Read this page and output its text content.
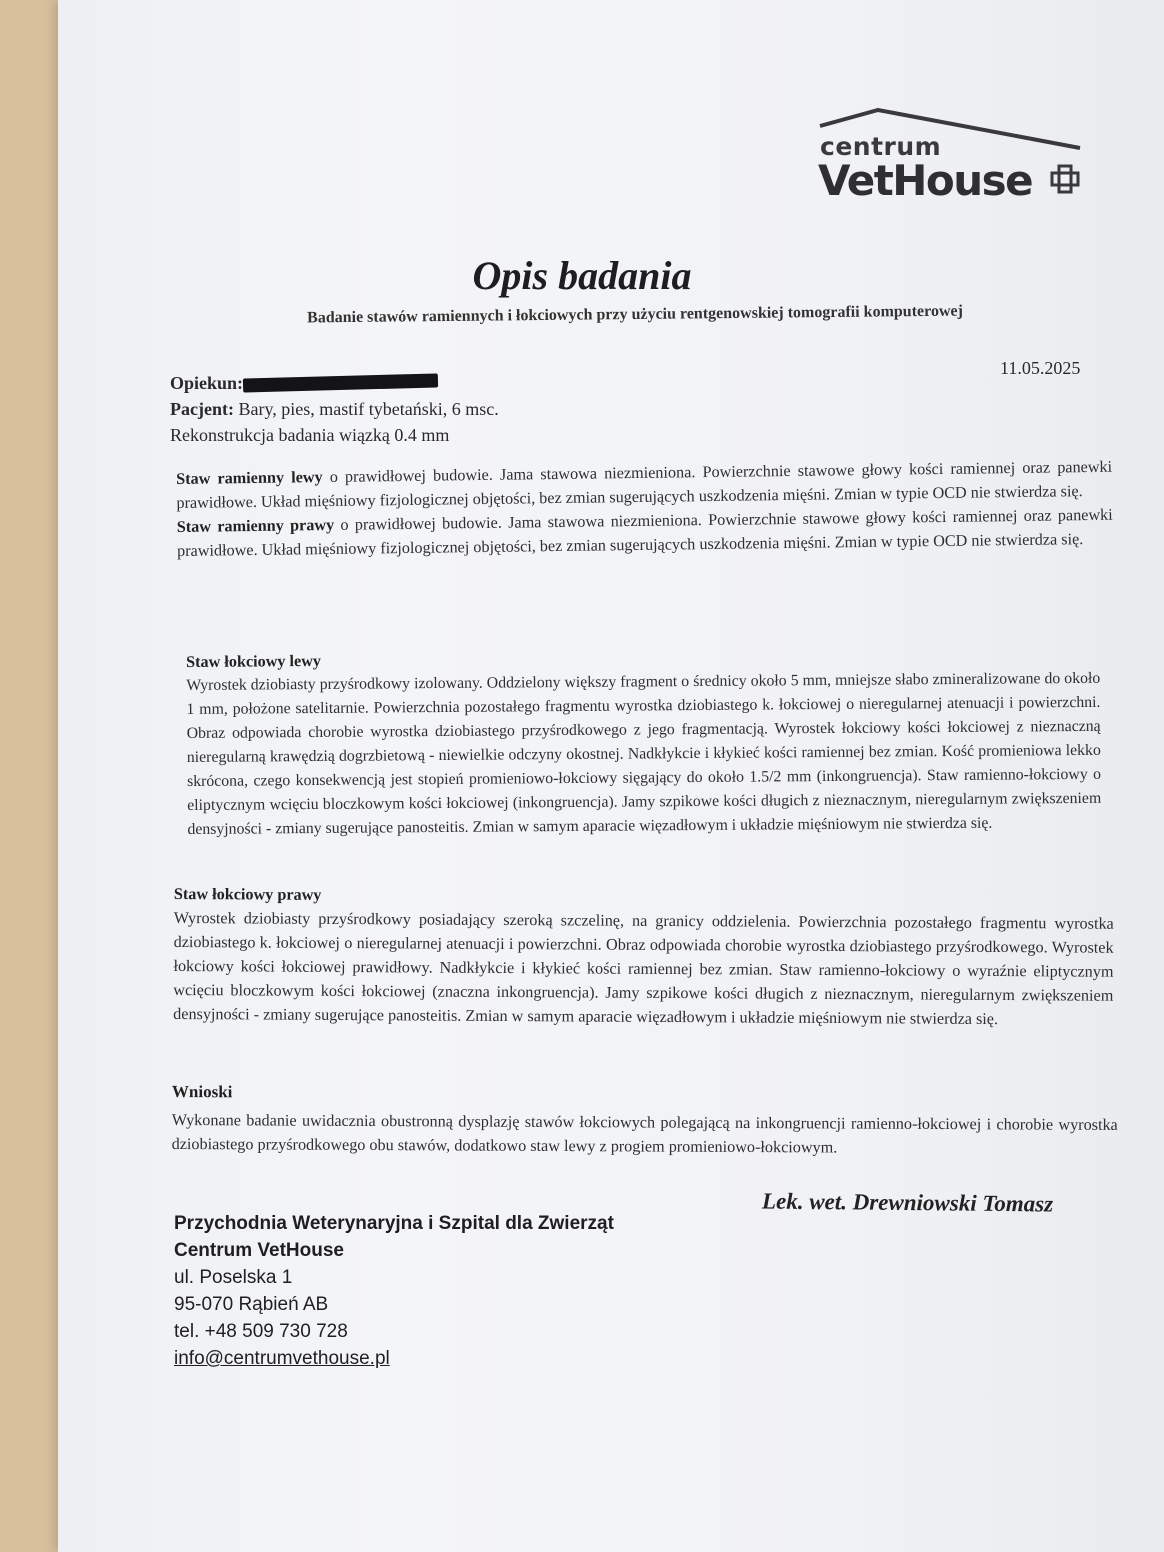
centrum
VetHouse
Opis badania
Badanie stawów ramiennych i łokciowych przy użyciu rentgenowskiej tomografii komputerowej
11.05.2025
Opiekun:
Pacjent: Bary, pies, mastif tybetański, 6 msc.
Rekonstrukcja badania wiązką 0.4 mm

Staw ramienny lewy o prawidłowej budowie. Jama stawowa niezmieniona. Powierzchnie stawowe głowy kości ramiennej oraz panewki prawidłowe. Układ mięśniowy fizjologicznej objętości, bez zmian sugerujących uszkodzenia mięśni. Zmian w typie OCD nie stwierdza się.

Staw ramienny prawy o prawidłowej budowie. Jama stawowa niezmieniona. Powierzchnie stawowe głowy kości ramiennej oraz panewki prawidłowe. Układ mięśniowy fizjologicznej objętości, bez zmian sugerujących uszkodzenia mięśni. Zmian w typie OCD nie stwierdza się.

Staw łokciowy lewy

Wyrostek dziobiasty przyśrodkowy izolowany. Oddzielony większy fragment o średnicy około 5 mm, mniejsze słabo zmineralizowane do około 1 mm, położone satelitarnie. Powierzchnia pozostałego fragmentu wyrostka dziobiastego k. łokciowej o nieregularnej atenuacji i powierzchni. Obraz odpowiada chorobie wyrostka dziobiastego przyśrodkowego z jego fragmentacją. Wyrostek łokciowy kości łokciowej z nieznaczną nieregularną krawędzią dogrzbietową - niewielkie odczyny okostnej. Nadkłykcie i kłykieć kości ramiennej bez zmian. Kość promieniowa lekko skrócona, czego konsekwencją jest stopień promieniowo-łokciowy sięgający do około 1.5/2 mm (inkongruencja). Staw ramienno-łokciowy o eliptycznym wcięciu bloczkowym kości łokciowej (inkongruencja). Jamy szpikowe kości długich z nieznacznym, nieregularnym zwiększeniem densyjności - zmiany sugerujące panosteitis. Zmian w samym aparacie więzadłowym i układzie mięśniowym nie stwierdza się.

Staw łokciowy prawy

Wyrostek dziobiasty przyśrodkowy posiadający szeroką szczelinę, na granicy oddzielenia. Powierzchnia pozostałego fragmentu wyrostka dziobiastego k. łokciowej o nieregularnej atenuacji i powierzchni. Obraz odpowiada chorobie wyrostka dziobiastego przyśrodkowego. Wyrostek łokciowy kości łokciowej prawidłowy. Nadkłykcie i kłykieć kości ramiennej bez zmian. Staw ramienno-łokciowy o wyraźnie eliptycznym wcięciu bloczkowym kości łokciowej (znaczna inkongruencja). Jamy szpikowe kości długich z nieznacznym, nieregularnym zwiększeniem densyjności - zmiany sugerujące panosteitis. Zmian w samym aparacie więzadłowym i układzie mięśniowym nie stwierdza się.

Wnioski

Wykonane badanie uwidacznia obustronną dysplazję stawów łokciowych polegającą na inkongruencji ramienno-łokciowej i chorobie wyrostka dziobiastego przyśrodkowego obu stawów, dodatkowo staw lewy z progiem promieniowo-łokciowym.

Lek. wet. Drewniowski Tomasz
Przychodnia Weterynaryjna i Szpital dla Zwierząt
Centrum VetHouse
ul. Poselska 1
95-070 Rąbień AB
tel. +48 509 730 728
info@centrumvethouse.pl
